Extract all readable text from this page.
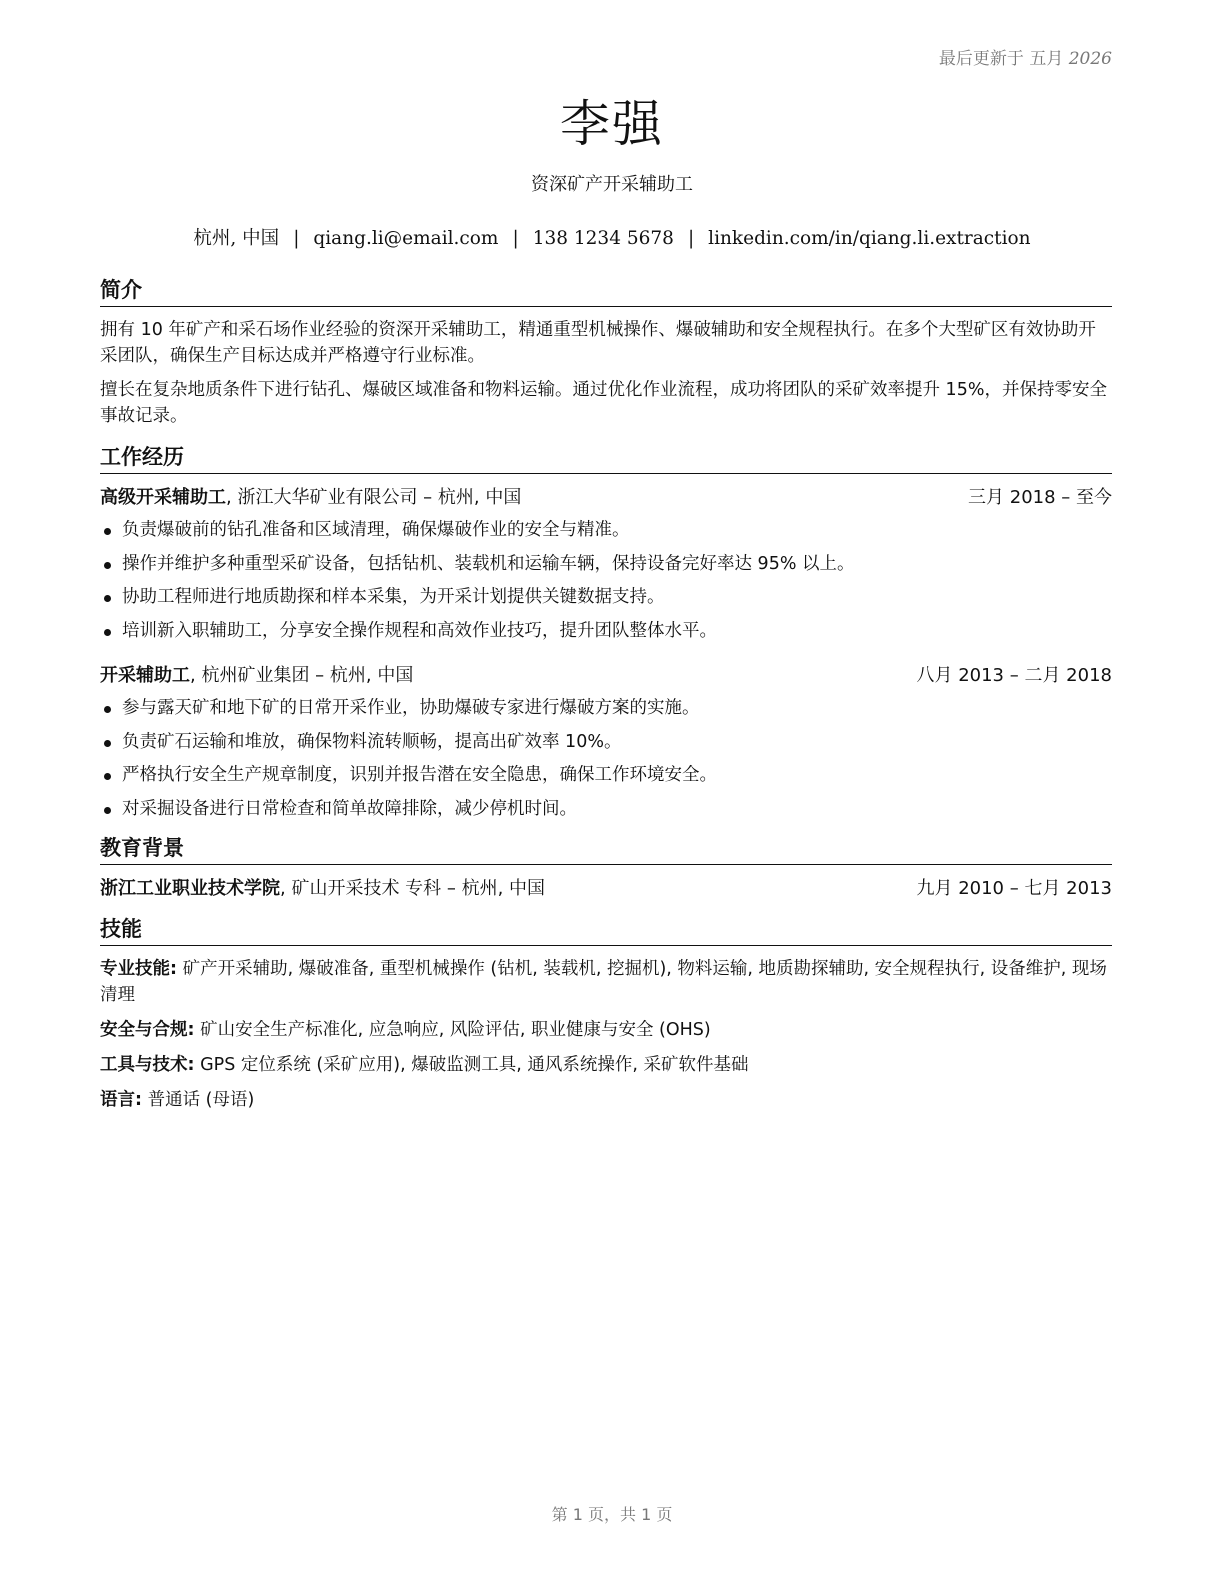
最后更新于 五月 2026
李强
资深矿产开采辅助工
杭州, 中国 | qiang.li@email.com | 138 1234 5678 | linkedin.com/in/qiang.li.extraction
简介

拥有 10 年矿产和采石场作业经验的资深开采辅助工，精通重型机械操作、爆破辅助和安全规程执行。在多个大型矿区有效协助开采团队，确保生产目标达成并严格遵守行业标准。

擅长在复杂地质条件下进行钻孔、爆破区域准备和物料运输。通过优化作业流程，成功将团队的采矿效率提升 15%，并保持零安全事故记录。

工作经历
高级开采辅助工, 浙江大华矿业有限公司 – 杭州, 中国	三月 2018 – 至今
负责爆破前的钻孔准备和区域清理，确保爆破作业的安全与精准。
操作并维护多种重型采矿设备，包括钻机、装载机和运输车辆，保持设备完好率达 95% 以上。
协助工程师进行地质勘探和样本采集，为开采计划提供关键数据支持。
培训新入职辅助工，分享安全操作规程和高效作业技巧，提升团队整体水平。
开采辅助工, 杭州矿业集团 – 杭州, 中国	八月 2013 – 二月 2018
参与露天矿和地下矿的日常开采作业，协助爆破专家进行爆破方案的实施。
负责矿石运输和堆放，确保物料流转顺畅，提高出矿效率 10%。
严格执行安全生产规章制度，识别并报告潜在安全隐患，确保工作环境安全。
对采掘设备进行日常检查和简单故障排除，减少停机时间。
教育背景
浙江工业职业技术学院, 矿山开采技术 专科 – 杭州, 中国	九月 2010 – 七月 2013
技能

专业技能: 矿产开采辅助, 爆破准备, 重型机械操作 (钻机, 装载机, 挖掘机), 物料运输, 地质勘探辅助, 安全规程执行, 设备维护, 现场清理

安全与合规: 矿山安全生产标准化, 应急响应, 风险评估, 职业健康与安全 (OHS)

工具与技术: GPS 定位系统 (采矿应用), 爆破监测工具, 通风系统操作, 采矿软件基础

语言: 普通话 (母语)

第 1 页，共 1 页
